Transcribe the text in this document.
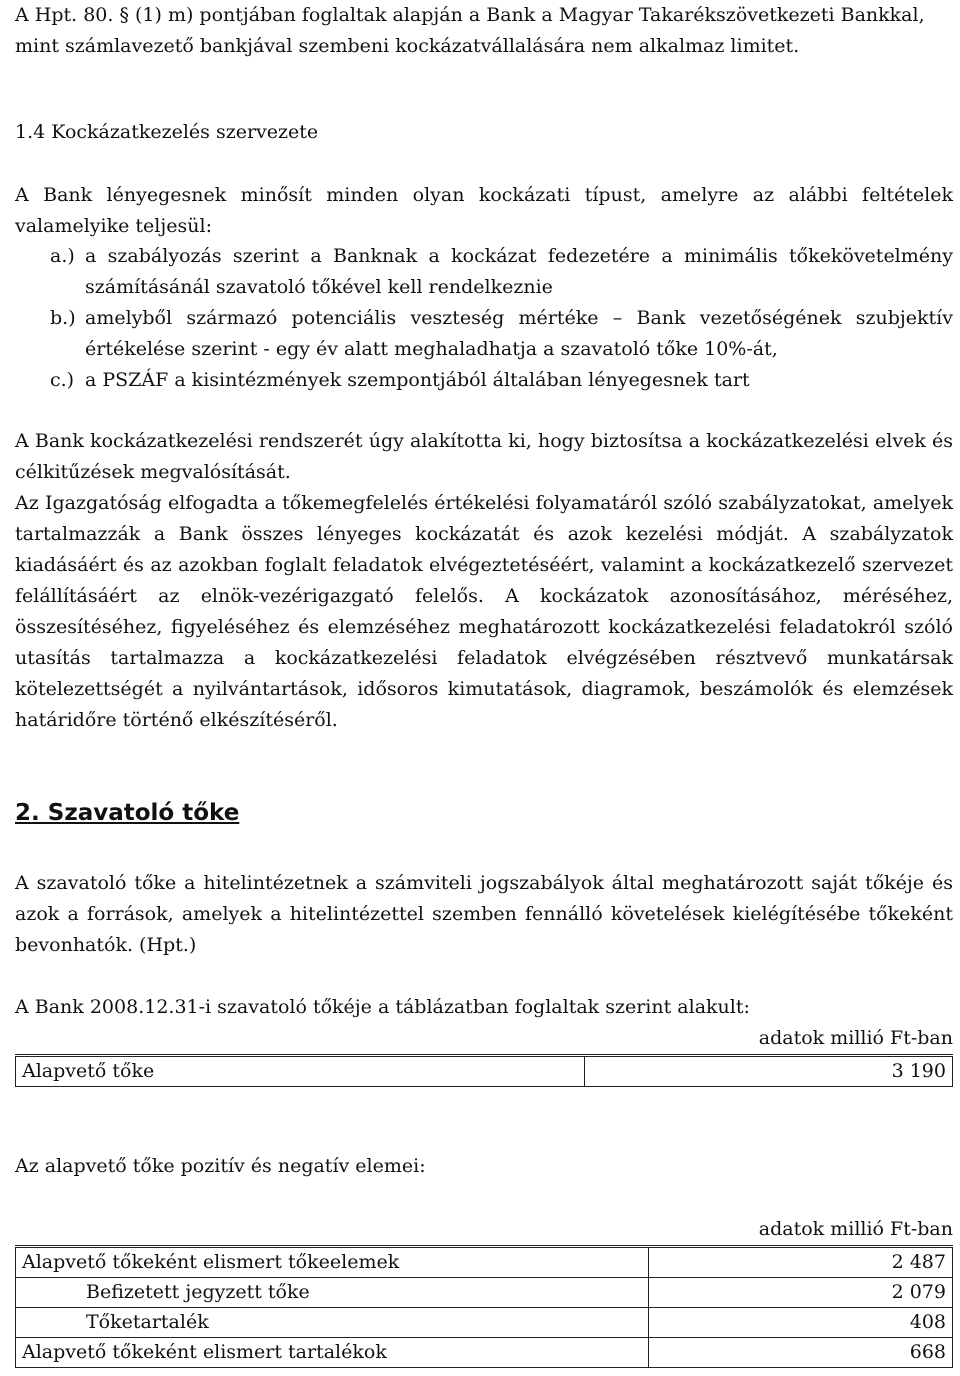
A Hpt. 80. § (1) m) pontjában foglaltak alapján a Bank a Magyar Takarékszövetkezeti Bankkal,

mint számlavezető bankjával szembeni kockázatvállalására nem alkalmaz limitet.

1.4 Kockázatkezelés szervezete

A Bank lényegesnek minősít minden olyan kockázati típust, amelyre az alábbi feltételek valamelyike teljesül:

a.) a szabályozás szerint a Banknak a kockázat fedezetére a minimális tőkekövetelmény számításánál szavatoló tőkével kell rendelkeznie
b.) amelyből származó potenciális veszteség mértéke – Bank vezetőségének szubjektív értékelése szerint - egy év alatt meghaladhatja a szavatoló tőke 10%-át,
c.) a PSZÁF a kisintézmények szempontjából általában lényegesnek tart

A Bank kockázatkezelési rendszerét úgy alakította ki, hogy biztosítsa a kockázatkezelési elvek és célkitűzések megvalósítását.

Az Igazgatóság elfogadta a tőkemegfelelés értékelési folyamatáról szóló szabályzatokat, amelyek tartalmazzák a Bank összes lényeges kockázatát és azok kezelési módját. A szabályzatok kiadásáért és az azokban foglalt feladatok elvégeztetéséért, valamint a kockázatkezelő szervezet felállításáért az elnök-vezérigazgató felelős. A kockázatok azonosításához, méréséhez, összesítéséhez, figyeléséhez és elemzéséhez meghatározott kockázatkezelési feladatokról szóló utasítás tartalmazza a kockázatkezelési feladatok elvégzésében résztvevő munkatársak kötelezettségét a nyilvántartások, idősoros kimutatások, diagramok, beszámolók és elemzések határidőre történő elkészítéséről.

2. Szavatoló tőke

A szavatoló tőke a hitelintézetnek a számviteli jogszabályok által meghatározott saját tőkéje és azok a források, amelyek a hitelintézettel szemben fennálló követelések kielégítésébe tőkeként bevonhatók. (Hpt.)

A Bank 2008.12.31-i szavatoló tőkéje a táblázatban foglaltak szerint alakult:

adatok millió Ft-ban
Alapvető tőke	3 190

Az alapvető tőke pozitív és negatív elemei:

adatok millió Ft-ban
Alapvető tőkeként elismert tőkeelemek	2 487
Befizetett jegyzett tőke	2 079
Tőketartalék	408
Alapvető tőkeként elismert tartalékok	668
